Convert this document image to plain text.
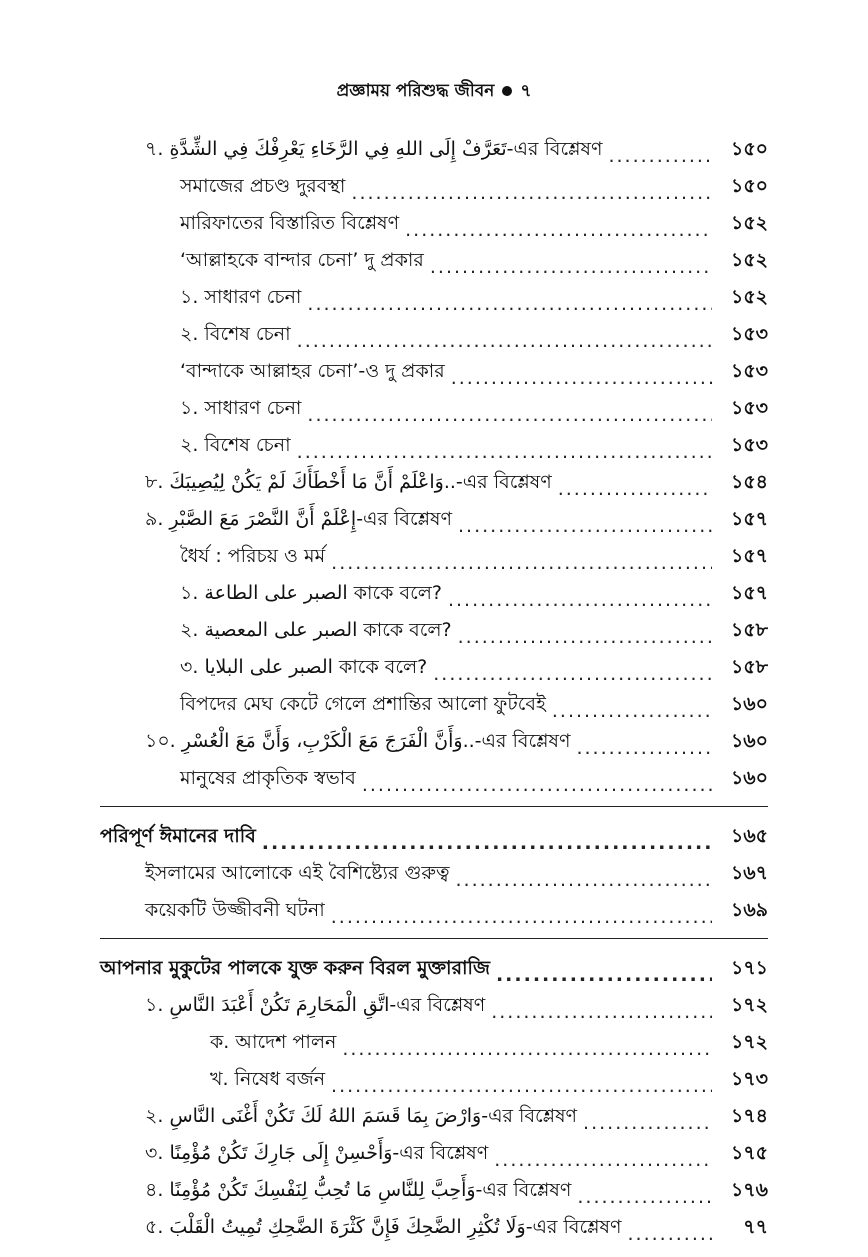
প্রজ্ঞাময় পরিশুদ্ধ জীবন ৭
৭. تَعَرَّفْ إِلَى اللهِ فِي الرَّخَاءِ يَعْرِفْكَ فِي الشِّدَّةِ-এর বিশ্লেষণ .....	১৫০
সমাজের প্রচণ্ড দুরবস্থা .....	১৫০
মারিফাতের বিস্তারিত বিশ্লেষণ .....	১৫২
‘আল্লাহকে বান্দার চেনা’ দু প্রকার .....	১৫২
১. সাধারণ চেনা .....	১৫২
২. বিশেষ চেনা .....	১৫৩
‘বান্দাকে আল্লাহর চেনা’-ও দু প্রকার .....	১৫৩
১. সাধারণ চেনা .....	১৫৩
২. বিশেষ চেনা .....	১৫৩
৮. وَاعْلَمْ أَنَّ مَا أَخْطَأَكَ لَمْ يَكُنْ لِيُصِيبَكَ..-এর বিশ্লেষণ .....	১৫৪
৯. إِعْلَمْ أَنَّ النَّصْرَ مَعَ الصَّبْرِ-এর বিশ্লেষণ .....	১৫৭
ধৈর্য : পরিচয় ও মর্ম .....	১৫৭
১. الصبر على الطاعة কাকে বলে? .....	১৫৭
২. الصبر على المعصية কাকে বলে? .....	১৫৮
৩. الصبر على البلايا কাকে বলে? .....	১৫৮
বিপদের মেঘ কেটে গেলে প্রশান্তির আলো ফুটবেই .....	১৬০
১০. وَأَنَّ الْفَرَجَ مَعَ الْكَرْبِ، وَأَنَّ مَعَ الْعُسْرِ..-এর বিশ্লেষণ .....	১৬০
মানুষের প্রাকৃতিক স্বভাব .....	১৬০
পরিপূর্ণ ঈমানের দাবি .....	১৬৫
ইসলামের আলোকে এই বৈশিষ্ট্যের গুরুত্ব .....	১৬৭
কয়েকটি উজ্জীবনী ঘটনা .....	১৬৯
আপনার মুকুটের পালকে যুক্ত করুন বিরল মুক্তারাজি .....	১৭১
১. اتَّقِ الْمَحَارِمَ تَكُنْ أَعْبَدَ النَّاسِ-এর বিশ্লেষণ .....	১৭২
ক. আদেশ পালন .....	১৭২
খ. নিষেধ বর্জন .....	১৭৩
২. وَارْضَ بِمَا قَسَمَ اللهُ لَكَ تَكُنْ أَغْنَى النَّاسِ-এর বিশ্লেষণ .....	১৭৪
৩. وَأَحْسِنْ إِلَى جَارِكَ تَكُنْ مُؤْمِنًا-এর বিশ্লেষণ .....	১৭৫
৪. وَأَحِبَّ لِلنَّاسِ مَا تُحِبُّ لِنَفْسِكَ تَكُنْ مُؤْمِنًا-এর বিশ্লেষণ .....	১৭৬
৫. وَلَا تُكْثِرِ الضَّحِكَ فَإِنَّ كَثْرَةَ الضَّحِكِ تُمِيتُ الْقَلْبَ-এর বিশ্লেষণ .....	৭৭
